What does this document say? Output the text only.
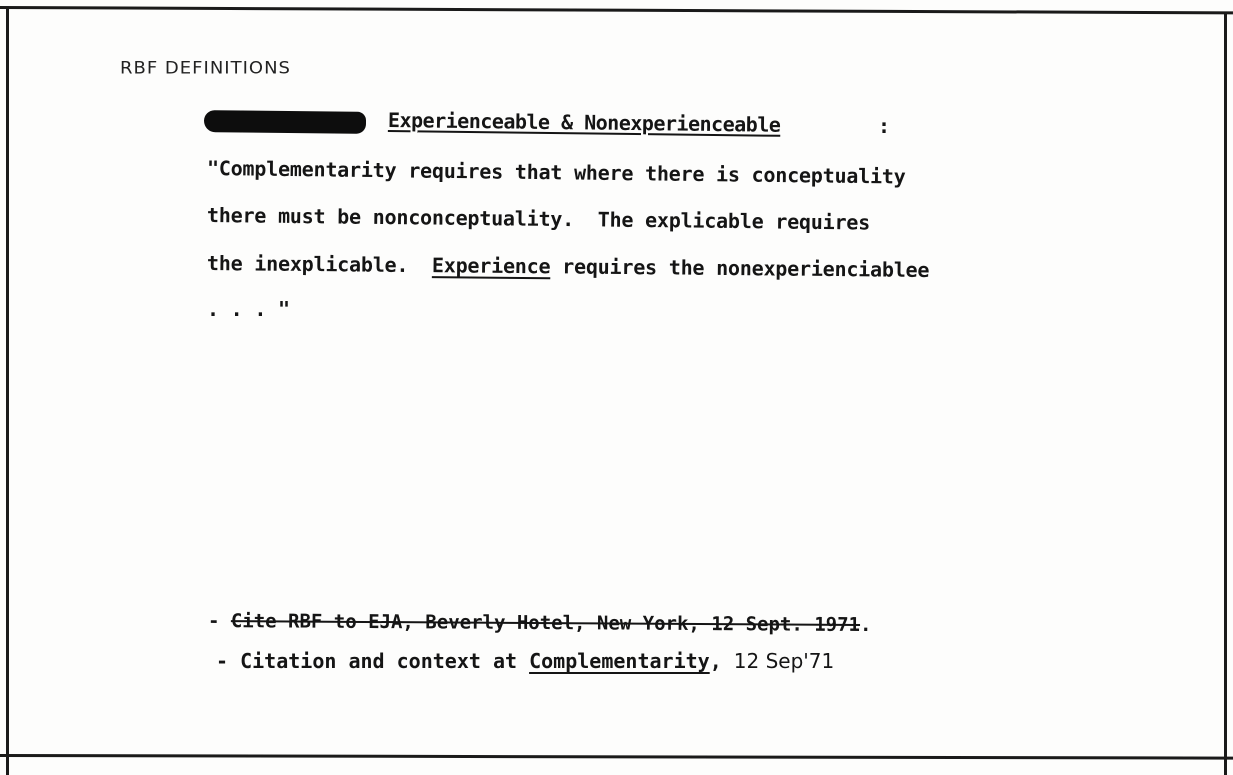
RBF DEFINITIONS
Experienceable & Nonexperienceable	:
"Complementarity requires that where there is conceptuality
there must be nonconceptuality.  The explicable requires
the inexplicable.  Experience requires the nonexperienciablee
. . . "
- Cite RBF to EJA, Beverly Hotel, New York, 12 Sept. 1971.
- Citation and context at Complementarity, 12 Sep'71
